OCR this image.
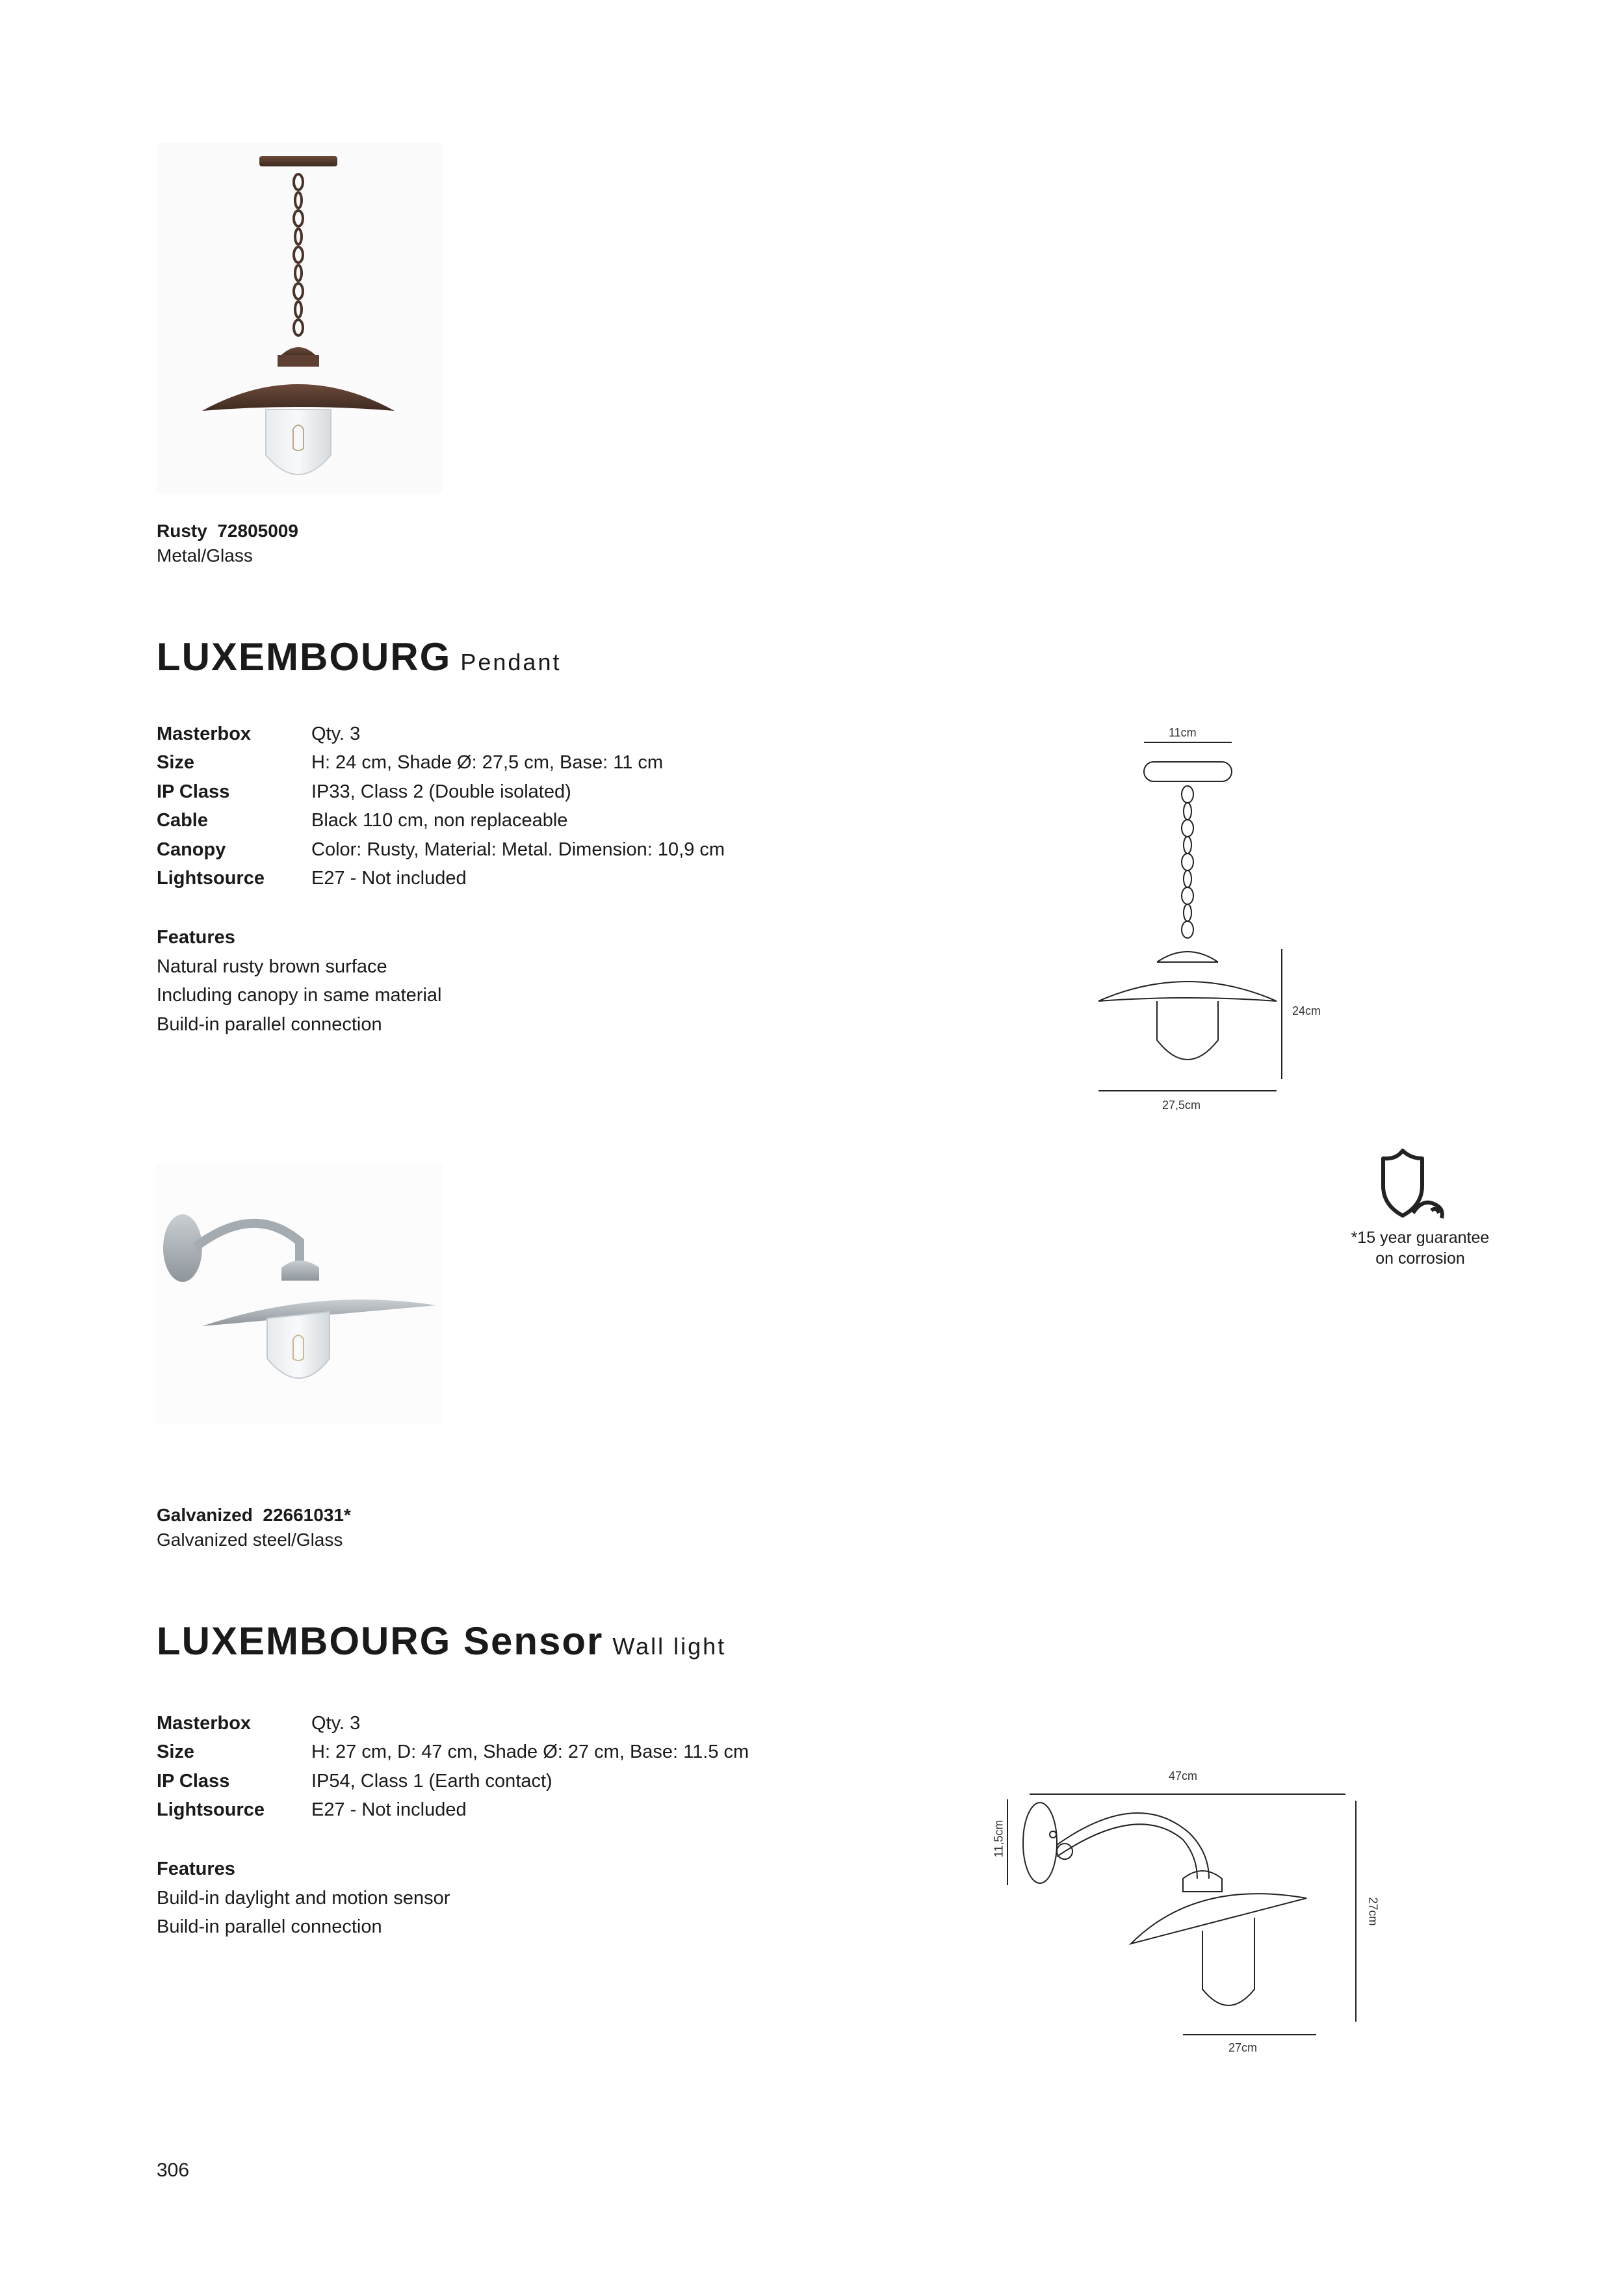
Rusty  72805009
Metal/Glass
LUXEMBOURG Pendant
Masterbox	Qty. 3
Size	H: 24 cm, Shade Ø: 27,5 cm, Base: 11 cm
IP Class	IP33, Class 2 (Double isolated)
Cable	Black 110 cm, non replaceable
Canopy	Color: Rusty, Material: Metal. Dimension: 10,9 cm
Lightsource	E27 - Not included
Features
Natural rusty brown surface
Including canopy in same material
Build-in parallel connection
11cm
24cm
27,5cm
*15 year guarantee
on corrosion
Galvanized  22661031*
Galvanized steel/Glass
LUXEMBOURG Sensor Wall light
Masterbox	Qty. 3
Size	H: 27 cm, D: 47 cm, Shade Ø: 27 cm, Base: 11.5 cm
IP Class	IP54, Class 1 (Earth contact)
Lightsource	E27 - Not included
Features
Build-in daylight and motion sensor
Build-in parallel connection
47cm
11,5cm
27cm
27cm
306
